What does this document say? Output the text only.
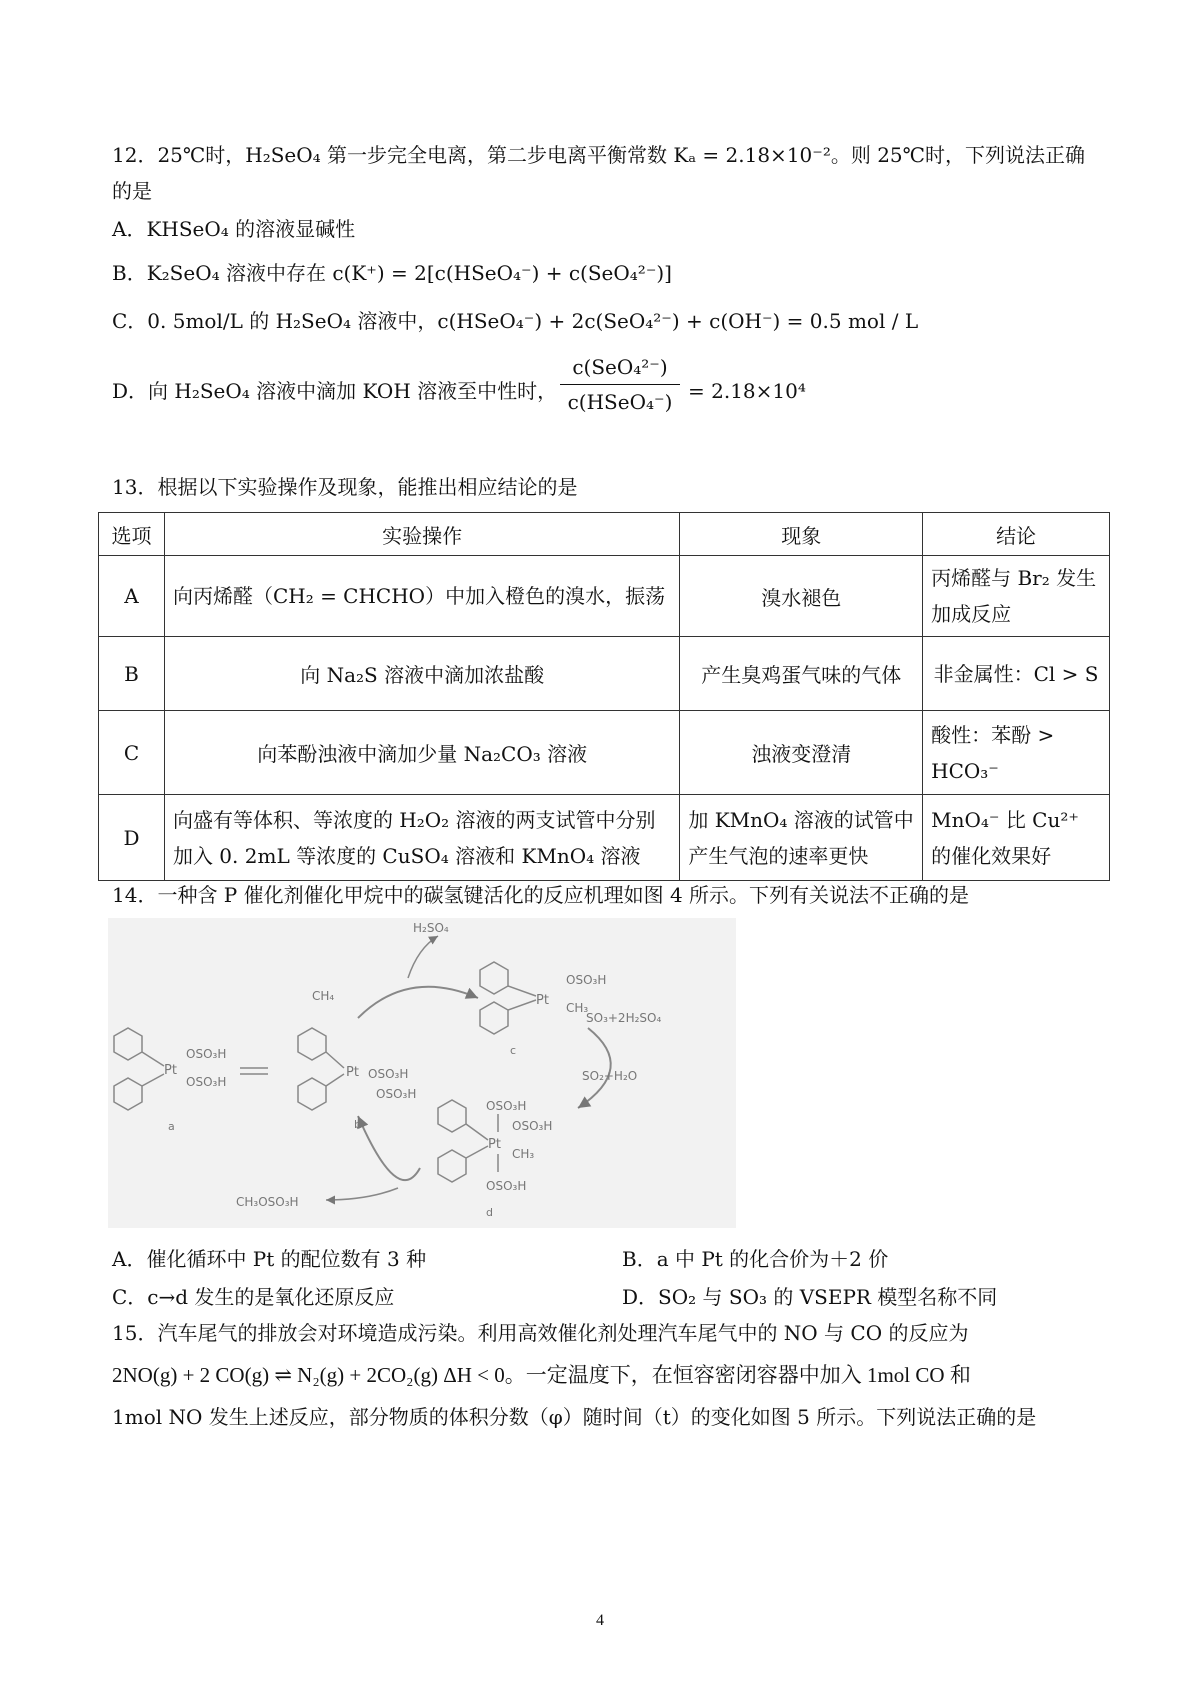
12．25℃时，H₂SeO₄ 第一步完全电离，第二步电离平衡常数 Kₐ = 2.18×10⁻²。则 25℃时，下列说法正确
的是
A．KHSeO₄ 的溶液显碱性
B．K₂SeO₄ 溶液中存在 c(K⁺) = 2[c(HSeO₄⁻) + c(SeO₄²⁻)]
C．0. 5mol/L 的 H₂SeO₄ 溶液中，c(HSeO₄⁻) + 2c(SeO₄²⁻) + c(OH⁻) = 0.5 mol / L
D．向 H₂SeO₄ 溶液中滴加 KOH 溶液至中性时，
c(SeO₄²⁻)
c(HSeO₄⁻) = 2.18×10⁴
13．根据以下实验操作及现象，能推出相应结论的是
选项	实验操作	现象	结论
A	向丙烯醛（CH₂ = CHCHO）中加入橙色的溴水，振荡	溴水褪色	丙烯醛与 Br₂ 发生加成反应
B	向 Na₂S 溶液中滴加浓盐酸	产生臭鸡蛋气味的气体	非金属性：Cl > S
C	向苯酚浊液中滴加少量 Na₂CO₃ 溶液	浊液变澄清	酸性：苯酚 > HCO₃⁻
D	向盛有等体积、等浓度的 H₂O₂ 溶液的两支试管中分别加入 0. 2mL 等浓度的 CuSO₄ 溶液和 KMnO₄ 溶液	加 KMnO₄ 溶液的试管中产生气泡的速率更快	MnO₄⁻ 比 Cu²⁺ 的催化效果好
14．一种含 P 催化剂催化甲烷中的碳氢键活化的反应机理如图 4 所示。下列有关说法不正确的是
H₂SO₄
CH₄	Pt
OSO₃H
CH₃
c
SO₃+2H₂SO₄
SO₂+H₂O
Pt
OSO₃H
OSO₃H
a
Pt OSO₃H
OSO₃H
b
Pt
OSO₃H
OSO₃H
CH₃
OSO₃H
d
CH₃OSO₃H
A．催化循环中 Pt 的配位数有 3 种	B．a 中 Pt 的化合价为＋2 价
C．c→d 发生的是氧化还原反应	D．SO₂ 与 SO₃ 的 VSEPR 模型名称不同
15．汽车尾气的排放会对环境造成污染。利用高效催化剂处理汽车尾气中的 NO 与 CO 的反应为
2NO(g) + 2 CO(g) ⇌ N₂(g) + 2CO₂(g) ΔH < 0。一定温度下，在恒容密闭容器中加入 1mol CO 和
1mol NO 发生上述反应，部分物质的体积分数（φ）随时间（t）的变化如图 5 所示。下列说法正确的是
4
